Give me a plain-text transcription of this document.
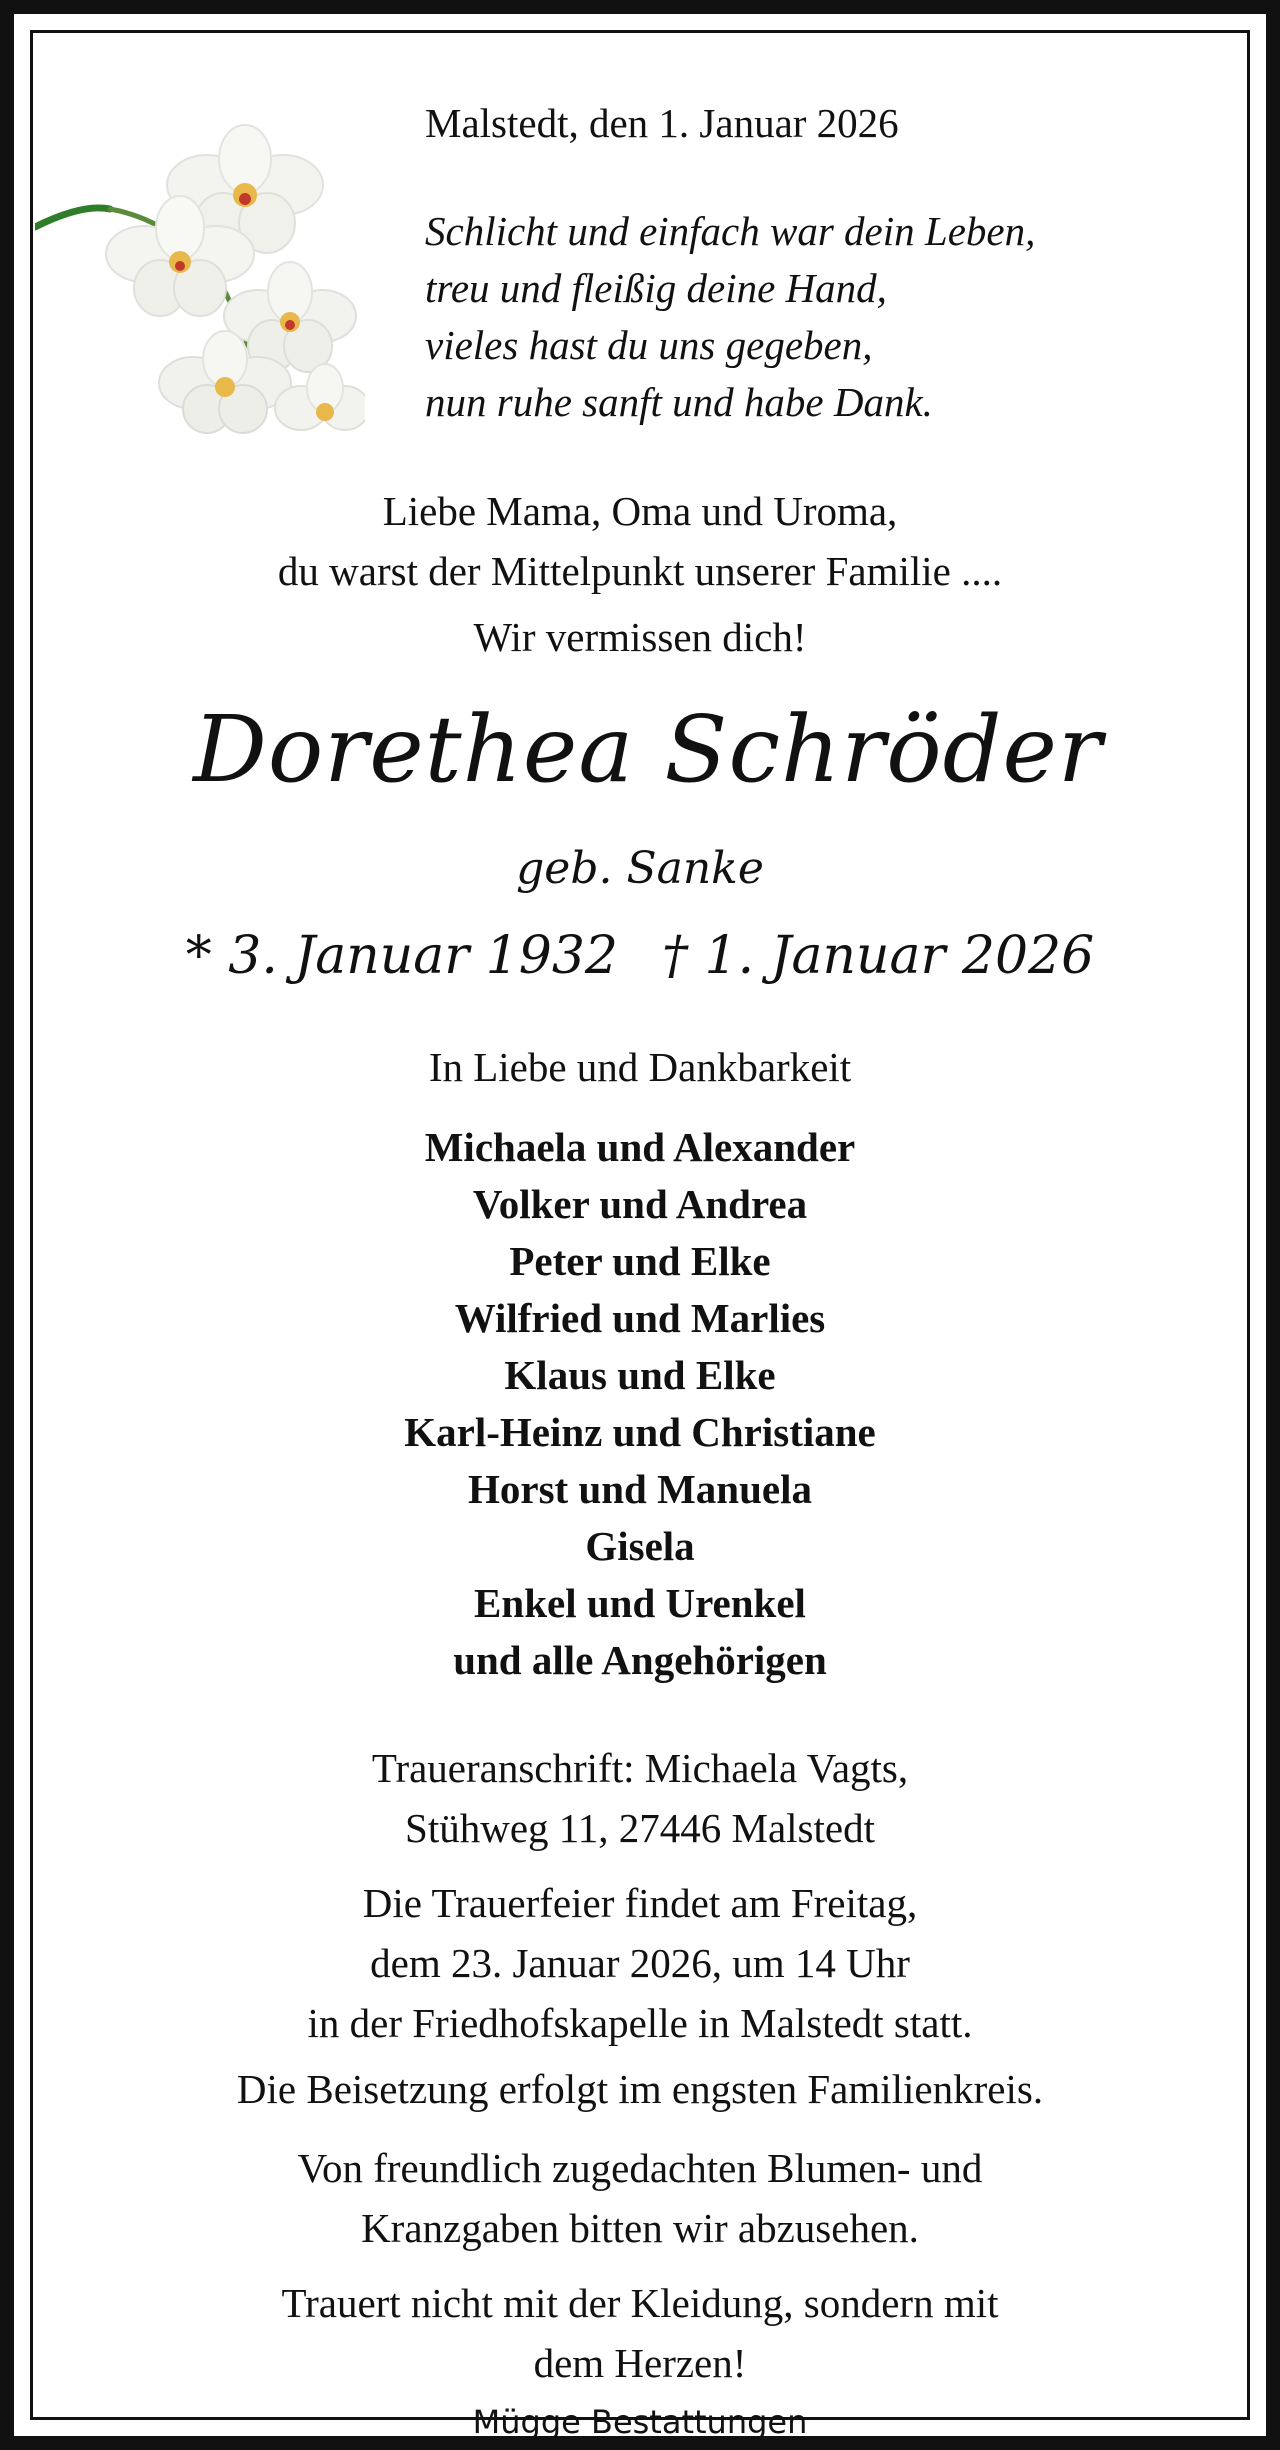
Malstedt, den 1. Januar 2026

Schlicht und einfach war dein Leben,
treu und fleißig deine Hand,
vieles hast du uns gegeben,
nun ruhe sanft und habe Dank.
Liebe Mama, Oma und Uroma,
du warst der Mittelpunkt unserer Familie ....
Wir vermissen dich!
Dorethea Schröder
geb. Sanke
* 3. Januar 1932 † 1. Januar 2026
In Liebe und Dankbarkeit
Michaela und Alexander
Volker und Andrea
Peter und Elke
Wilfried und Marlies
Klaus und Elke
Karl-Heinz und Christiane
Horst und Manuela
Gisela
Enkel und Urenkel
und alle Angehörigen
Traueranschrift: Michaela Vagts,
Stühweg 11, 27446 Malstedt
Die Trauerfeier findet am Freitag,
dem 23. Januar 2026, um 14 Uhr
in der Friedhofskapelle in Malstedt statt.
Die Beisetzung erfolgt im engsten Familienkreis.
Von freundlich zugedachten Blumen- und
Kranzgaben bitten wir abzusehen.
Trauert nicht mit der Kleidung, sondern mit
dem Herzen!
Mügge Bestattungen
